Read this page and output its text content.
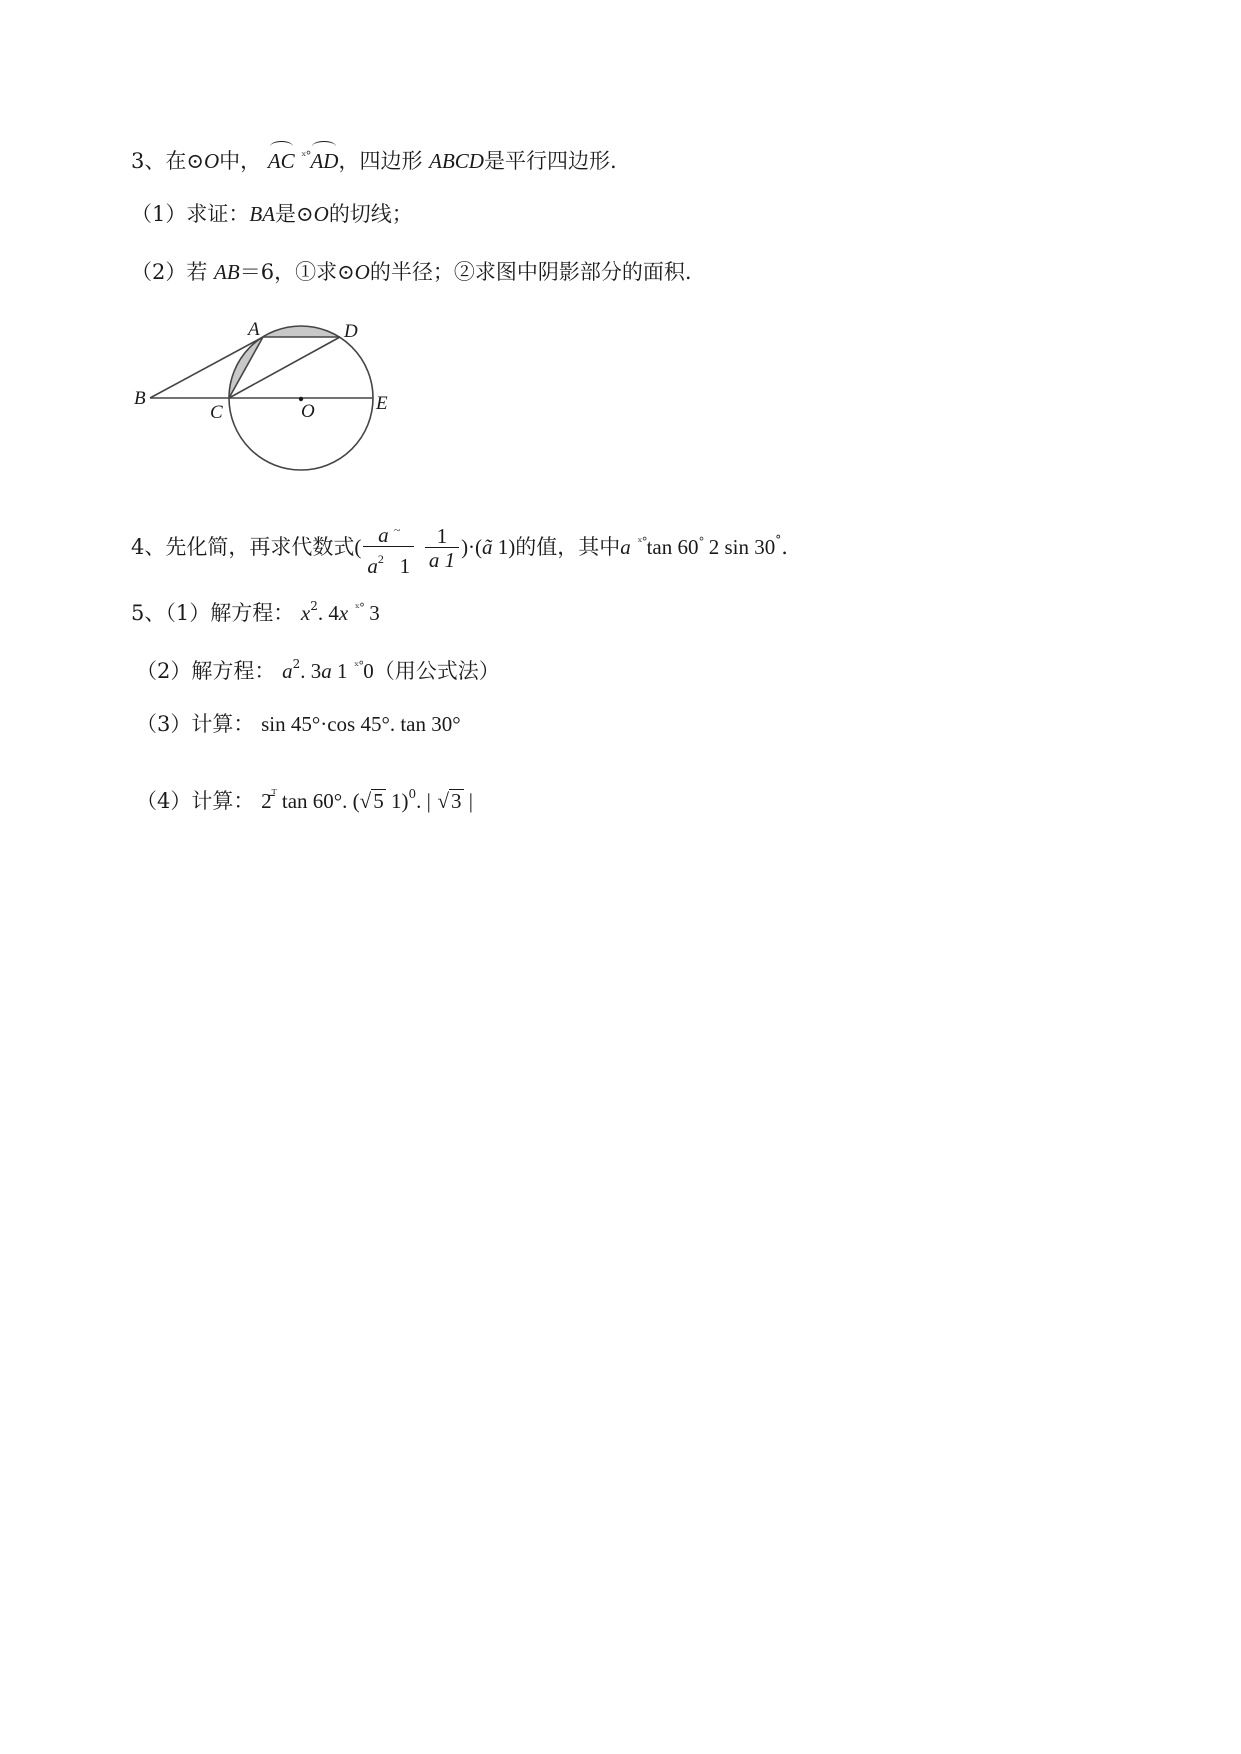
3、在⊙O中， AC $^{ˣ^\circ}$AD，四边形 ABCD是平行四边形.
（1）求证：BA是⊙O的切线；
（2）若 AB＝6，①求⊙O的半径；②求图中阴影部分的面积.
A	D
B
C	O	E
4、先化简，再求代数式( $\frac{a ^\sim}{a^2 1}$
$\frac{1}{a 1}$ )·(ã 1)的值，其中a $^{ˣ^\circ}$tan 60° 2 sin 30°.
5、（1）解方程： $x^2$. 4x $^{ˣ^\circ}$ 3
（2）解方程： $a^2$. 3a 1 $^{ˣ^\circ}$0（用公式法）
（3）计算： sin 45°·cos 45°. tan 30°
（4）计算： 2̄$^ᵀ$ tan 60°. (√5 1)$^0$. | √3 |
